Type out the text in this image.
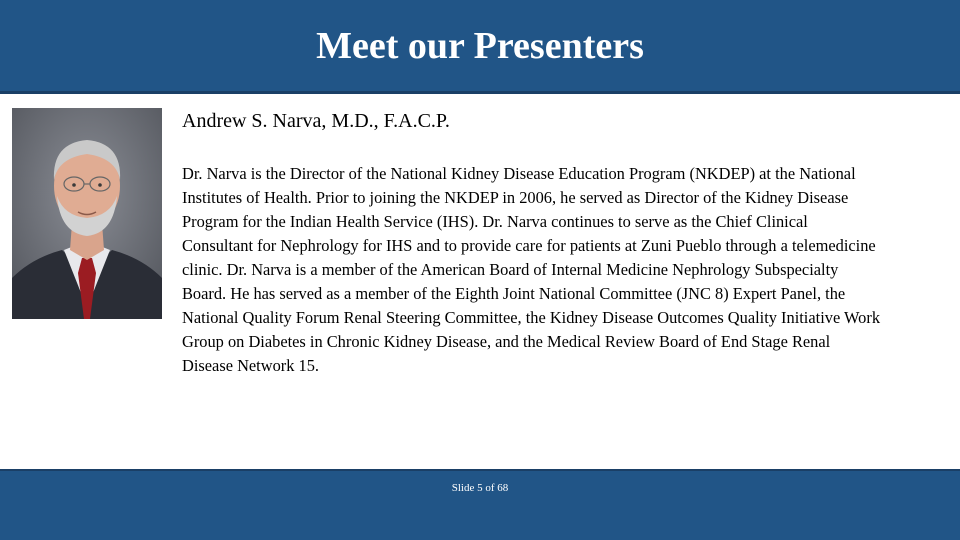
Meet our Presenters
Andrew S. Narva, M.D., F.A.C.P.
Dr. Narva is the Director of the National Kidney Disease Education Program (NKDEP) at the National Institutes of Health. Prior to joining the NKDEP in 2006, he served as Director of the Kidney Disease Program for the Indian Health Service (IHS). Dr. Narva continues to serve as the Chief Clinical Consultant for Nephrology for IHS and to provide care for patients at Zuni Pueblo through a telemedicine clinic. Dr. Narva is a member of the American Board of Internal Medicine Nephrology Subspecialty Board. He has served as a member of the Eighth Joint National Committee (JNC 8) Expert Panel, the National Quality Forum Renal Steering Committee, the Kidney Disease Outcomes Quality Initiative Work Group on Diabetes in Chronic Kidney Disease, and the Medical Review Board of End Stage Renal Disease Network 15.
Slide 5 of 68
